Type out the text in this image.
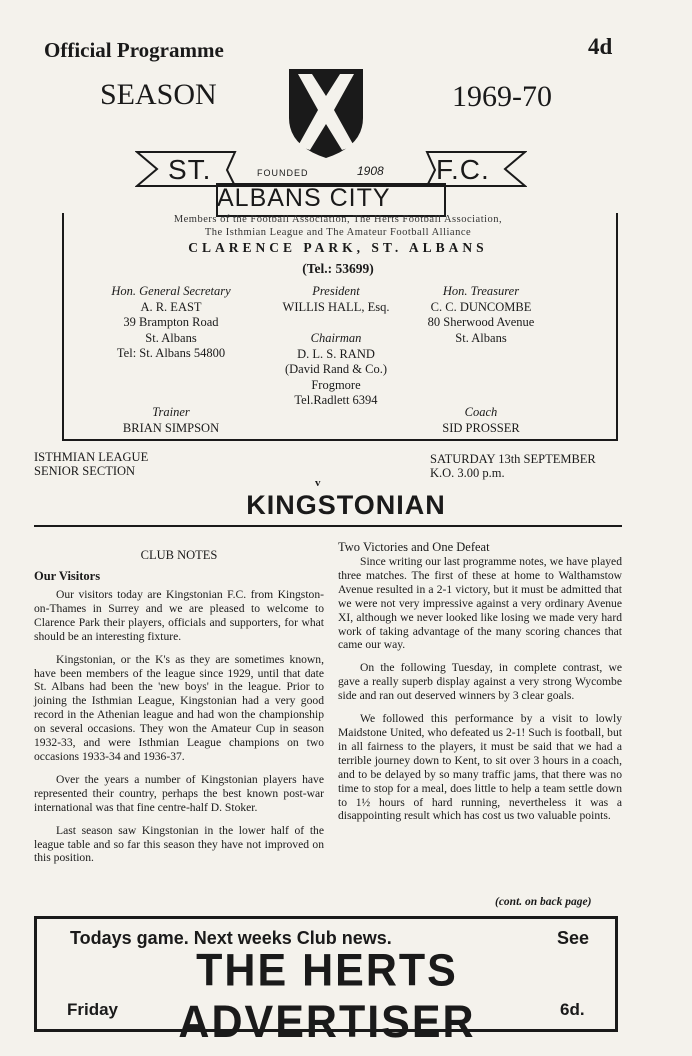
Official Programme	4d
SEASON	1969-70
ST.	F.C.
FOUNDED	1908
ALBANS CITY
Members of the Football Association, The Herts Football Association,
The Isthmian League and The Amateur Football Alliance
CLARENCE PARK, ST. ALBANS
(Tel.: 53699)
Hon. General Secretary
A. R. EAST
39 Brampton Road
St. Albans
Tel: St. Albans 54800
President
WILLIS HALL, Esq.
Hon. Treasurer
C. C. DUNCOMBE
80 Sherwood Avenue
St. Albans
Chairman
D. L. S. RAND
(David Rand & Co.)
Frogmore
Tel.Radlett 6394
Trainer
BRIAN SIMPSON
Coach
SID PROSSER
ISTHMIAN LEAGUE
SENIOR SECTION
SATURDAY 13th SEPTEMBER
K.O. 3.00 p.m.
v
KINGSTONIAN
CLUB NOTES
Our Visitors

Our visitors today are Kingstonian F.C. from Kingston-on-Thames in Surrey and we are pleased to welcome to Clarence Park their players, officials and supporters, for what should be an interesting fixture.

Kingstonian, or the K's as they are sometimes known, have been members of the league since 1929, until that date St. Albans had been the 'new boys' in the league. Prior to joining the Isthmian League, Kingstonian had a very good record in the Athenian league and had won the championship on several occasions. They won the Amateur Cup in season 1932-33, and were Isthmian League champions on two occasions 1933-34 and 1936-37.

Over the years a number of Kingstonian players have represented their country, perhaps the best known post-war international was that fine centre-half D. Stoker.

Last season saw Kingstonian in the lower half of the league table and so far this season they have not improved on this position.

Two Victories and One Defeat

Since writing our last programme notes, we have played three matches. The first of these at home to Walthamstow Avenue resulted in a 2-1 victory, but it must be admitted that we were not very impressive against a very ordinary Avenue XI, although we never looked like losing we made very hard work of taking advantage of the many scoring chances that came our way.

On the following Tuesday, in complete contrast, we gave a really superb display against a very strong Wycombe side and ran out deserved winners by 3 clear goals.

We followed this performance by a visit to lowly Maidstone United, who defeated us 2-1! Such is football, but in all fairness to the players, it must be said that we had a terrible journey down to Kent, to sit over 3 hours in a coach, and to be delayed by so many traffic jams, that there was no time to stop for a meal, does little to help a team settle down to 1½ hours of hard running, nevertheless it was a disappointing result which has cost us two valuable points.

(cont. on back page)
Todays game. Next weeks Club news.	See
THE HERTS ADVERTISER
Friday	6d.
